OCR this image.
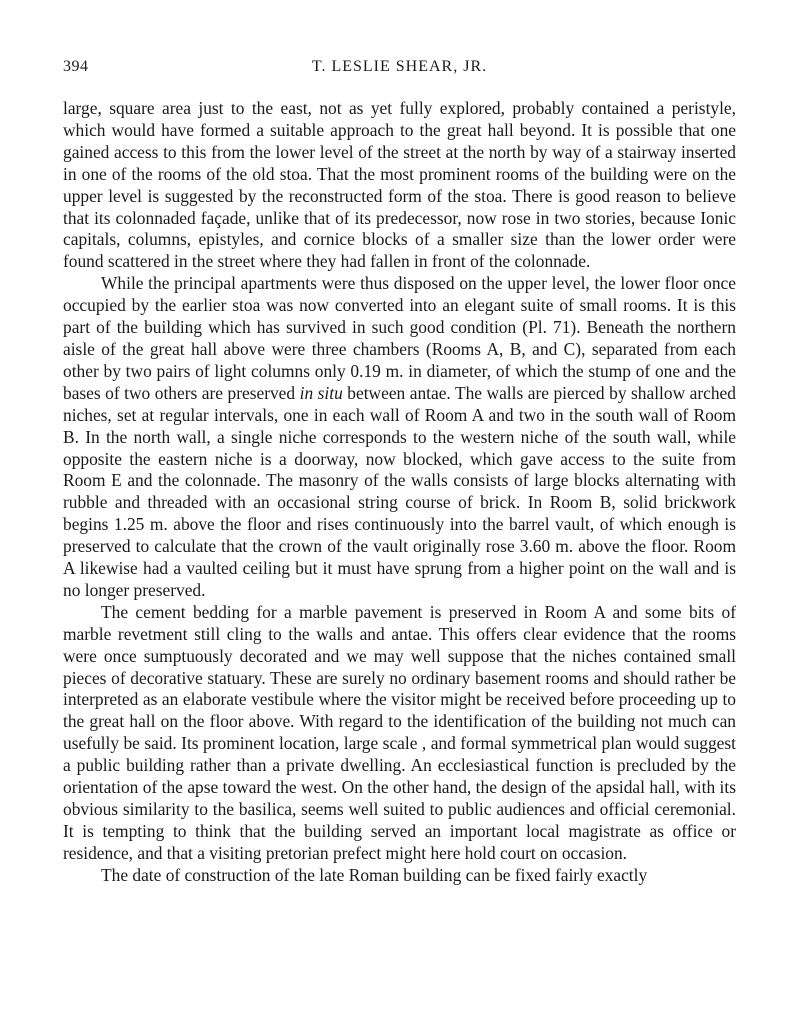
394	T. LESLIE SHEAR, JR.

large, square area just to the east, not as yet fully explored, probably contained a peristyle, which would have formed a suitable approach to the great hall beyond. It is possible that one gained access to this from the lower level of the street at the north by way of a stairway inserted in one of the rooms of the old stoa. That the most prominent rooms of the building were on the upper level is suggested by the reconstructed form of the stoa. There is good reason to believe that its colonnaded façade, unlike that of its predecessor, now rose in two stories, because Ionic capitals, columns, epistyles, and cornice blocks of a smaller size than the lower order were found scattered in the street where they had fallen in front of the colonnade.

While the principal apartments were thus disposed on the upper level, the lower floor once occupied by the earlier stoa was now converted into an elegant suite of small rooms. It is this part of the building which has survived in such good condition (Pl. 71). Beneath the northern aisle of the great hall above were three chambers (Rooms A, B, and C), separated from each other by two pairs of light columns only 0.19 m. in diameter, of which the stump of one and the bases of two others are preserved in situ between antae. The walls are pierced by shallow arched niches, set at regular intervals, one in each wall of Room A and two in the south wall of Room B. In the north wall, a single niche corresponds to the western niche of the south wall, while opposite the eastern niche is a doorway, now blocked, which gave access to the suite from Room E and the colonnade. The masonry of the walls consists of large blocks alternating with rubble and threaded with an occasional string course of brick. In Room B, solid brickwork begins 1.25 m. above the floor and rises continuously into the barrel vault, of which enough is preserved to calculate that the crown of the vault originally rose 3.60 m. above the floor. Room A likewise had a vaulted ceiling but it must have sprung from a higher point on the wall and is no longer preserved.

The cement bedding for a marble pavement is preserved in Room A and some bits of marble revetment still cling to the walls and antae. This offers clear evidence that the rooms were once sumptuously decorated and we may well suppose that the niches contained small pieces of decorative statuary. These are surely no ordinary basement rooms and should rather be interpreted as an elaborate vestibule where the visitor might be received before proceeding up to the great hall on the floor above. With regard to the identification of the building not much can usefully be said. Its prominent location, large scale , and formal symmetrical plan would suggest a public building rather than a private dwelling. An ecclesiastical function is precluded by the orientation of the apse toward the west. On the other hand, the design of the apsidal hall, with its obvious similarity to the basilica, seems well suited to public audiences and official ceremonial. It is tempting to think that the building served an important local magistrate as office or residence, and that a visiting pretorian prefect might here hold court on occasion.

The date of construction of the late Roman building can be fixed fairly exactly
